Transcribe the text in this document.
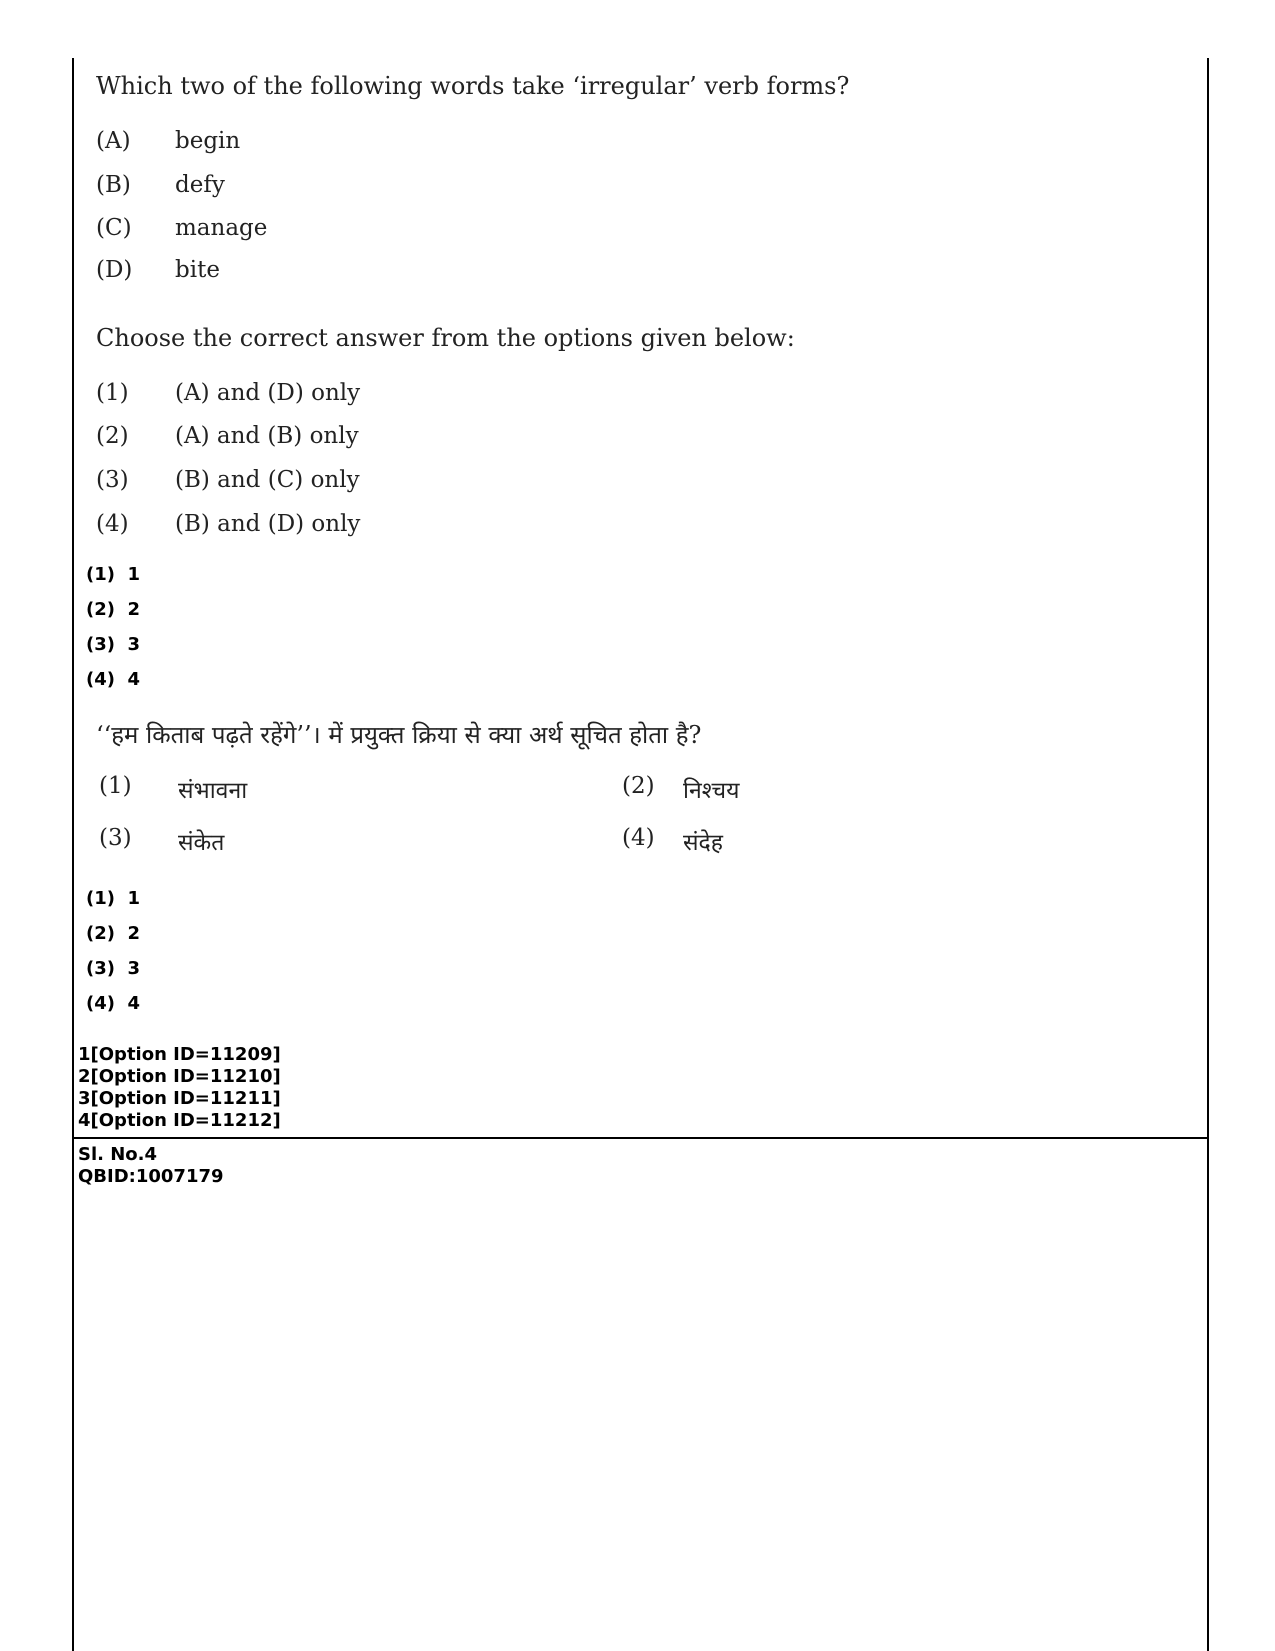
Which two of the following words take ‘irregular’ verb forms?
(A) begin
(B) defy
(C) manage
(D) bite
Choose the correct answer from the options given below:
(1) (A) and (D) only
(2) (A) and (B) only
(3) (B) and (C) only
(4) (B) and (D) only
(1) 1
(2) 2
(3) 3
(4) 4
‘‘हम किताब पढ़ते रहेंगे’’। में प्रयुक्त क्रिया से क्या अर्थ सूचित होता है?
(1) संभावना	(2) निश्चय
(3) संकेत	(4) संदेह
(1) 1
(2) 2
(3) 3
(4) 4
1[Option ID=11209]
2[Option ID=11210]
3[Option ID=11211]
4[Option ID=11212]
Sl. No.4
QBID:1007179
